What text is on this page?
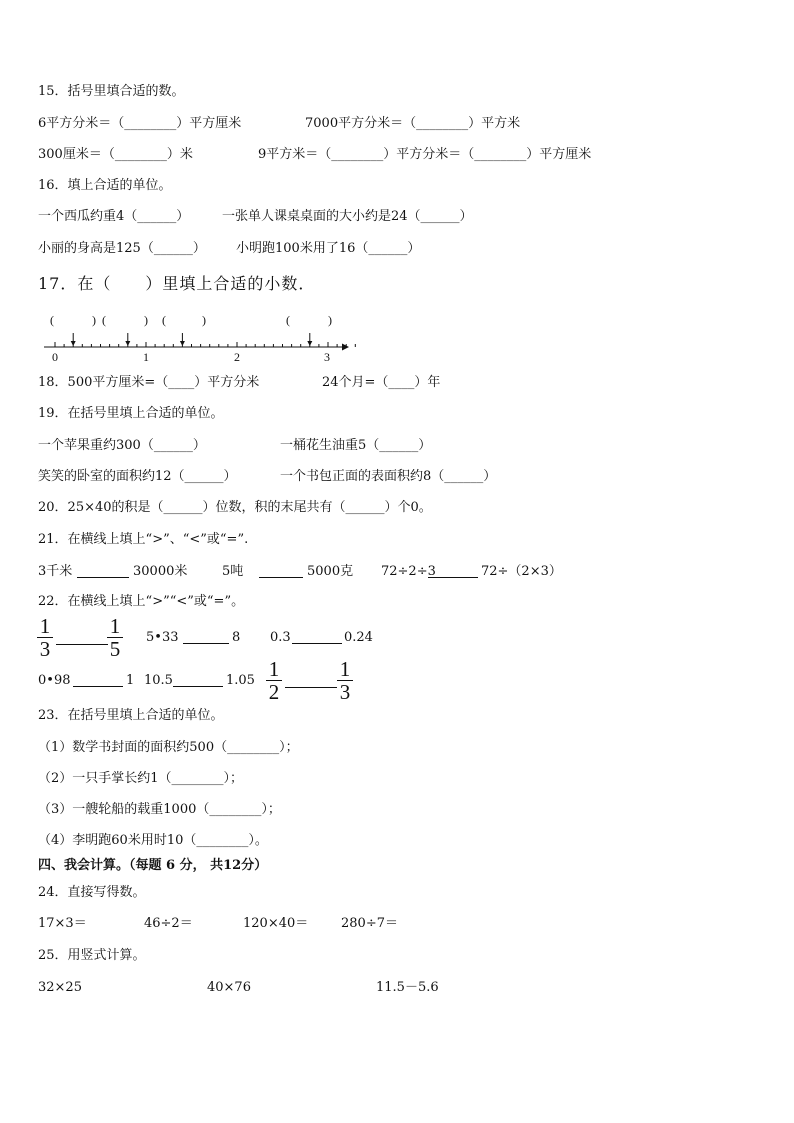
15．括号里填合适的数。
6平方分米＝（________）平方厘米	7000平方分米＝（________）平方米
300厘米＝（________）米	9平方米＝（________）平方分米＝（________）平方厘米
16．填上合适的单位。
一个西瓜约重4（______）	一张单人课桌桌面的大小约是24（______）
小丽的身高是125（______） 小明跑100米用了16（______）
17．在（　　）里填上合适的小数．
(	) (	) (	)	(	)
0	1	2	3
18．500平方厘米=（____）平方分米	24个月=（____）年
19．在括号里填上合适的单位。
一个苹果重约300（______）	一桶花生油重5（______）
笑笑的卧室的面积约12（______）	一个书包正面的表面积约8（______）
20．25×40的积是（______）位数，积的末尾共有（______）个0。
21．在横线上填上“>”、“<”或“=”.
3千米	30000米	5吨	5000克 72÷2÷3	72÷（2×3）
22．在横线上填上“>”“<”或“=”。
1
3
1
5 5•33	8 0.3	0.24
0•98	1 10.5	1.05 1
2
1
3
23．在括号里填上合适的单位。
（1）数学书封面的面积约500（________）；
（2）一只手掌长约1（________）；
（3）一艘轮船的载重1000（________）；
（4）李明跑60米用时10（________）。
四、我会计算。（每题 6 分， 共12分）
24．直接写得数。
17×3＝	46÷2＝	120×40＝	280÷7＝
25．用竖式计算。
32×25	40×76	11.5－5.6
